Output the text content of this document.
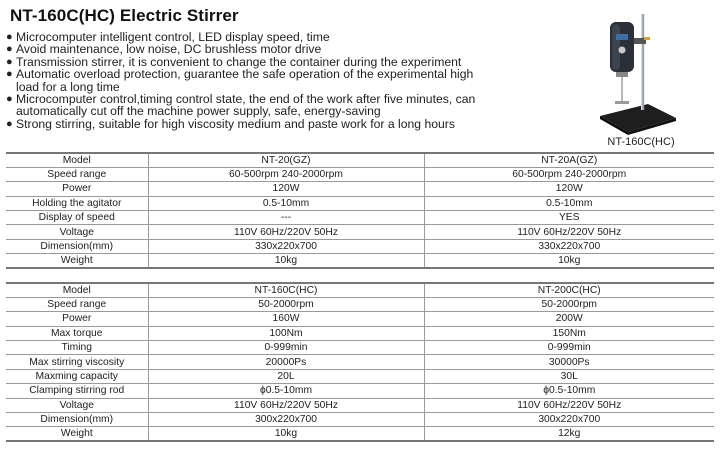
NT-160C(HC) Electric Stirrer
● Microcomputer intelligent control, LED display speed, time
● Avoid maintenance, low noise, DC brushless motor drive
● Transmission stirrer, it is convenient to change the container during the experiment
● Automatic overload protection, guarantee the safe operation of the experimental high
load for a long time
● Microcomputer control,timing control state, the end of the work after five minutes, can
automatically cut off the machine power supply, safe, energy-saving
● Strong stirring, suitable for high viscosity medium and paste work for a long hours
NT-160C(HC)
Model	NT-20(GZ)	NT-20A(GZ)
Speed range	60-500rpm 240-2000rpm	60-500rpm 240-2000rpm
Power	120W	120W
Holding the agitator	0.5-10mm	0.5-10mm
Display of speed	---	YES
Voltage	110V 60Hz/220V 50Hz	110V 60Hz/220V 50Hz
Dimension(mm)	330x220x700	330x220x700
Weight	10kg	10kg
Model	NT-160C(HC)	NT-200C(HC)
Speed range	50-2000rpm	50-2000rpm
Power	160W	200W
Max torque	100Nm	150Nm
Timing	0-999min	0-999min
Max stirring viscosity	20000Ps	30000Ps
Maxming capacity	20L	30L
Clamping stirring rod	ϕ0.5-10mm	ϕ0.5-10mm
Voltage	110V 60Hz/220V 50Hz	110V 60Hz/220V 50Hz
Dimension(mm)	300x220x700	300x220x700
Weight	10kg	12kg
